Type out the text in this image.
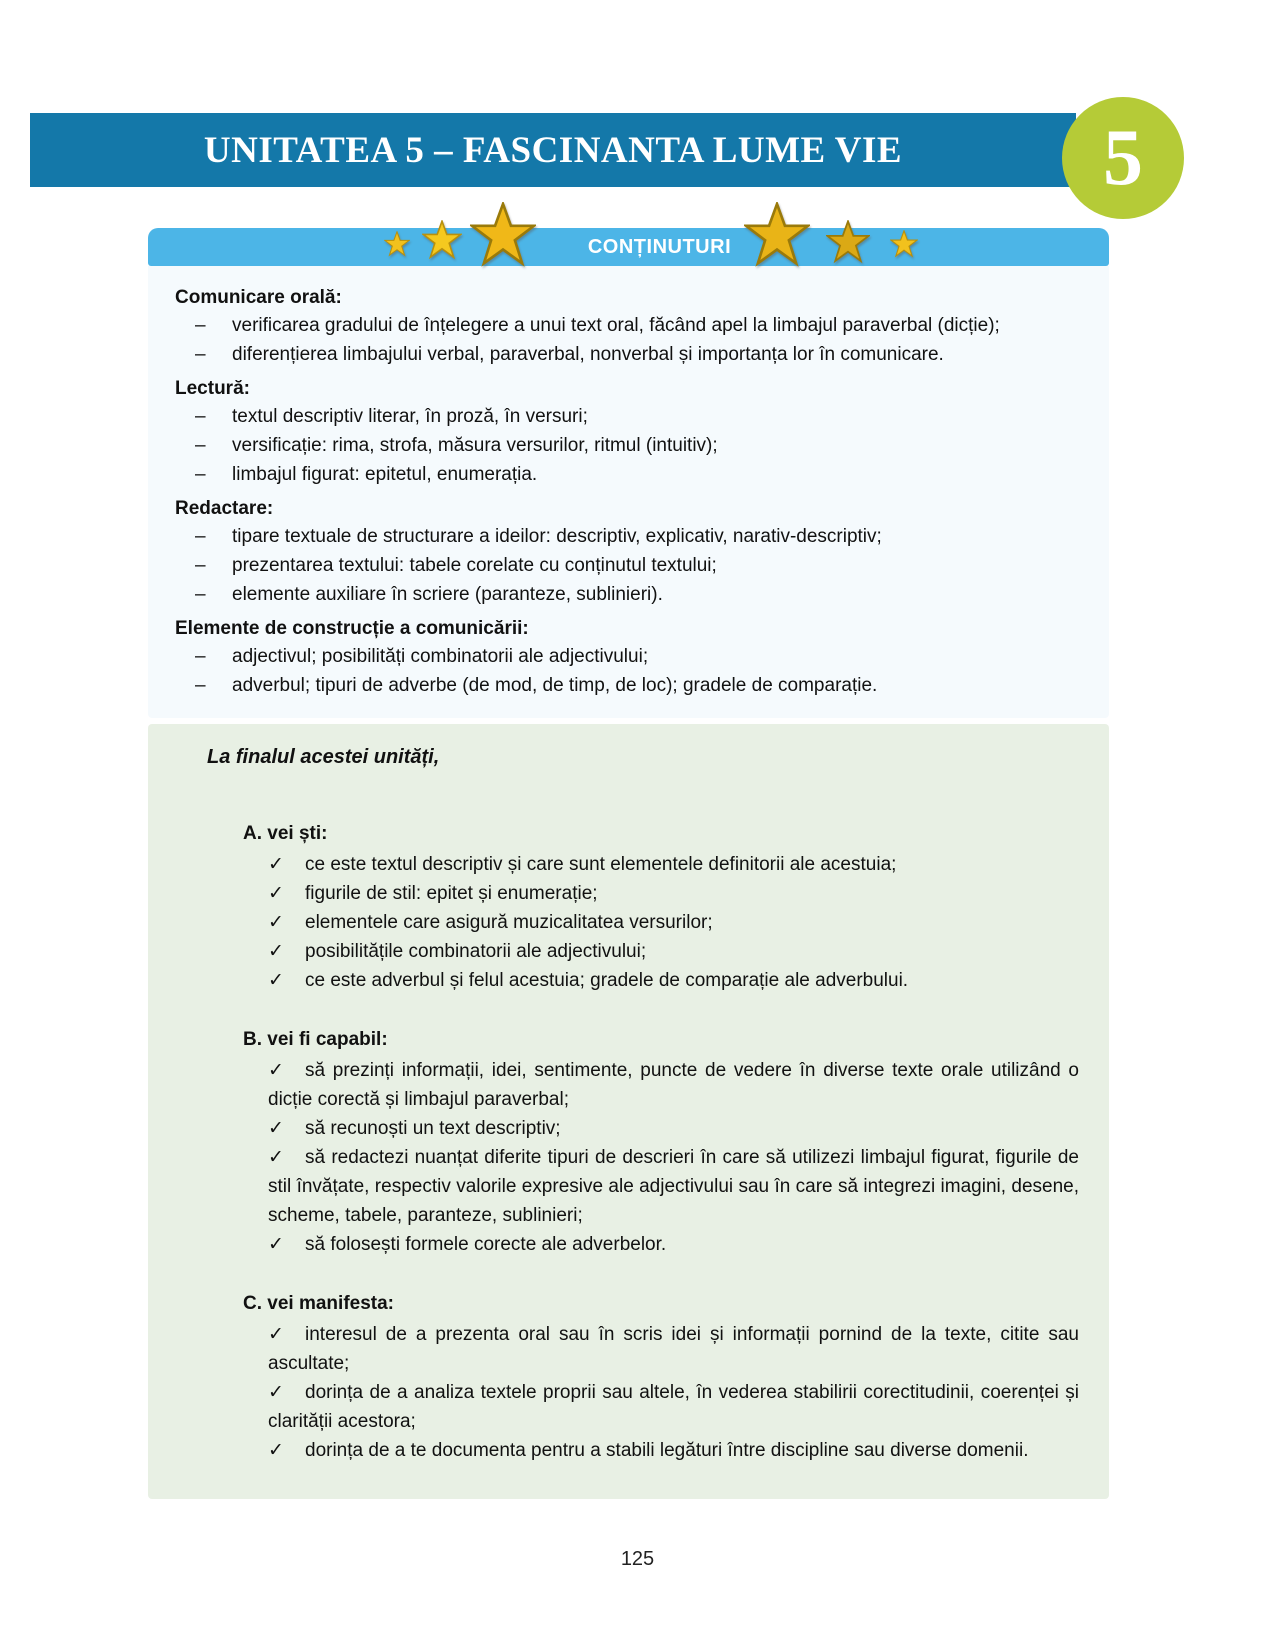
UNITATEA 5 – FASCINANTA LUME VIE	5
CONȚINUTURI
Comunicare orală:
– verificarea gradului de înțelegere a unui text oral, făcând apel la limbajul paraverbal (dicție);
– diferențierea limbajului verbal, paraverbal, nonverbal și importanța lor în comunicare.
Lectură:
– textul descriptiv literar, în proză, în versuri;
– versificație: rima, strofa, măsura versurilor, ritmul (intuitiv);
– limbajul figurat: epitetul, enumerația.
Redactare:
– tipare textuale de structurare a ideilor: descriptiv, explicativ, narativ-descriptiv;
– prezentarea textului: tabele corelate cu conținutul textului;
– elemente auxiliare în scriere (paranteze, sublinieri).
Elemente de construcție a comunicării:
– adjectivul; posibilități combinatorii ale adjectivului;
– adverbul; tipuri de adverbe (de mod, de timp, de loc); gradele de comparație.
La finalul acestei unități,
A. vei ști:
✓ ce este textul descriptiv și care sunt elementele definitorii ale acestuia;
✓ figurile de stil: epitet și enumerație;
✓ elementele care asigură muzicalitatea versurilor;
✓ posibilitățile combinatorii ale adjectivului;
✓ ce este adverbul și felul acestuia; gradele de comparație ale adverbului.
B. vei fi capabil:
✓ să prezinți informații, idei, sentimente, puncte de vedere în diverse texte orale utilizând o dicție corectă și limbajul paraverbal;
✓ să recunoști un text descriptiv;
✓ să redactezi nuanțat diferite tipuri de descrieri în care să utilizezi limbajul figurat, figurile de stil învățate, respectiv valorile expresive ale adjectivului sau în care să integrezi imagini, desene, scheme, tabele, paranteze, sublinieri;
✓ să folosești formele corecte ale adverbelor.
C. vei manifesta:
✓ interesul de a prezenta oral sau în scris idei și informații pornind de la texte, citite sau ascultate;
✓ dorința de a analiza textele proprii sau altele, în vederea stabilirii corectitudinii, coerenței și clarității acestora;
✓ dorința de a te documenta pentru a stabili legături între discipline sau diverse domenii.
125
